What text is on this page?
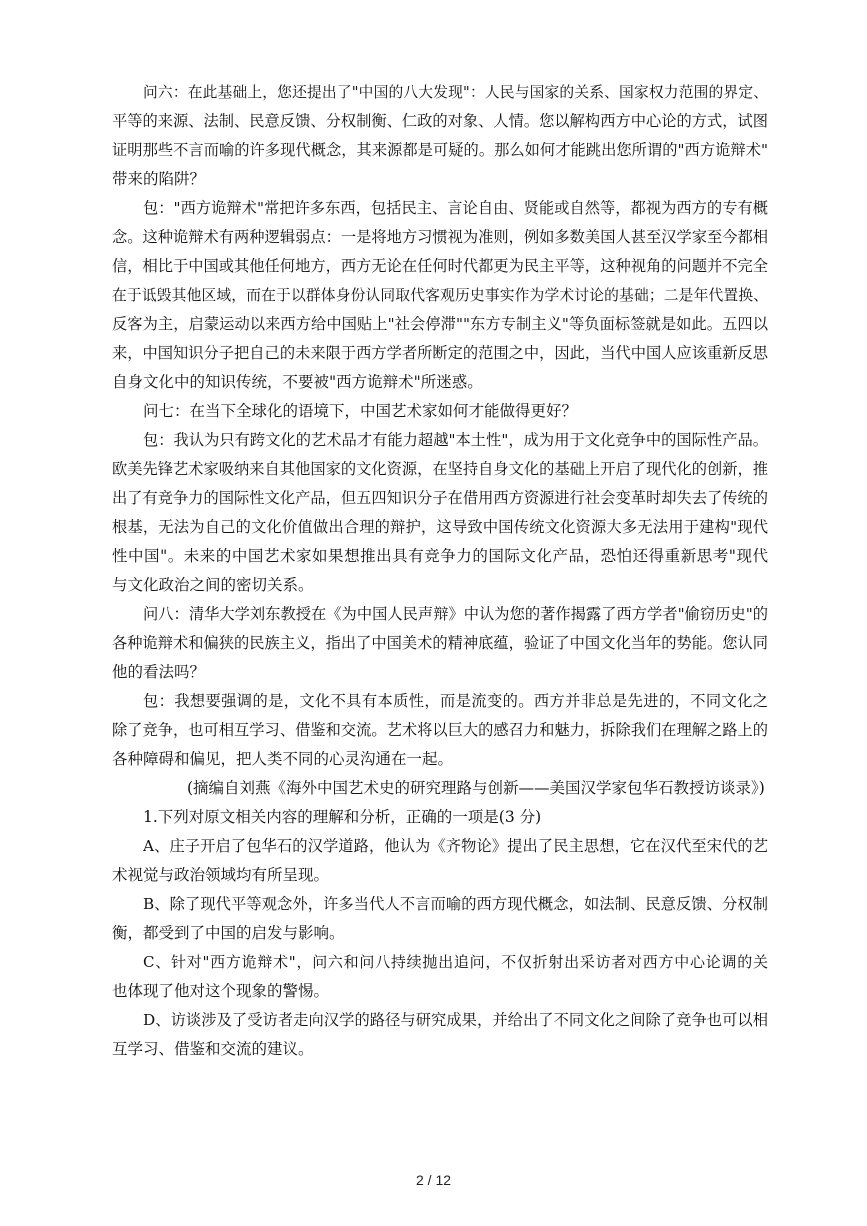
问六：在此基础上，您还提出了"中国的八大发现"：人民与国家的关系、国家权力范围的界定、
平等的来源、法制、民意反馈、分权制衡、仁政的对象、人情。您以解构西方中心论的方式，试图
证明那些不言而喻的许多现代概念，其来源都是可疑的。那么如何才能跳出您所谓的"西方诡辩术"
带来的陷阱？
包："西方诡辩术"常把许多东西，包括民主、言论自由、贤能或自然等，都视为西方的专有概
念。这种诡辩术有两种逻辑弱点：一是将地方习惯视为准则，例如多数美国人甚至汉学家至今都相
信，相比于中国或其他任何地方，西方无论在任何时代都更为民主平等，这种视角的问题并不完全
在于诋毁其他区域，而在于以群体身份认同取代客观历史事实作为学术讨论的基础；二是年代置换、
反客为主，启蒙运动以来西方给中国贴上"社会停滞""东方专制主义"等负面标签就是如此。五四以
来，中国知识分子把自己的未来限于西方学者所断定的范围之中，因此，当代中国人应该重新反思
自身文化中的知识传统，不要被"西方诡辩术"所迷惑。
问七：在当下全球化的语境下，中国艺术家如何才能做得更好？
包：我认为只有跨文化的艺术品才有能力超越"本土性"，成为用于文化竞争中的国际性产品。
欧美先锋艺术家吸纳来自其他国家的文化资源，在坚持自身文化的基础上开启了现代化的创新，推
出了有竞争力的国际性文化产品，但五四知识分子在借用西方资源进行社会变革时却失去了传统的
根基，无法为自己的文化价值做出合理的辩护，这导致中国传统文化资源大多无法用于建构"现代
性中国"。未来的中国艺术家如果想推出具有竞争力的国际文化产品，恐怕还得重新思考"现代
与文化政治之间的密切关系。
问八：清华大学刘东教授在《为中国人民声辩》中认为您的著作揭露了西方学者"偷窃历史"的
各种诡辩术和偏狭的民族主义，指出了中国美术的精神底蕴，验证了中国文化当年的势能。您认同
他的看法吗？
包：我想要强调的是，文化不具有本质性，而是流变的。西方并非总是先进的，不同文化之
除了竞争，也可相互学习、借鉴和交流。艺术将以巨大的感召力和魅力，拆除我们在理解之路上的
各种障碍和偏见，把人类不同的心灵沟通在一起。
(摘编自刘燕《海外中国艺术史的研究理路与创新——美国汉学家包华石教授访谈录》)
1.下列对原文相关内容的理解和分析，正确的一项是(3 分)
A、庄子开启了包华石的汉学道路，他认为《齐物论》提出了民主思想，它在汉代至宋代的艺
术视觉与政治领域均有所呈现。
B、除了现代平等观念外，许多当代人不言而喻的西方现代概念，如法制、民意反馈、分权制
衡，都受到了中国的启发与影响。
C、针对"西方诡辩术"，问六和问八持续抛出追问，不仅折射出采访者对西方中心论调的关
也体现了他对这个现象的警惕。
D、访谈涉及了受访者走向汉学的路径与研究成果，并给出了不同文化之间除了竞争也可以相
互学习、借鉴和交流的建议。
2 / 12
